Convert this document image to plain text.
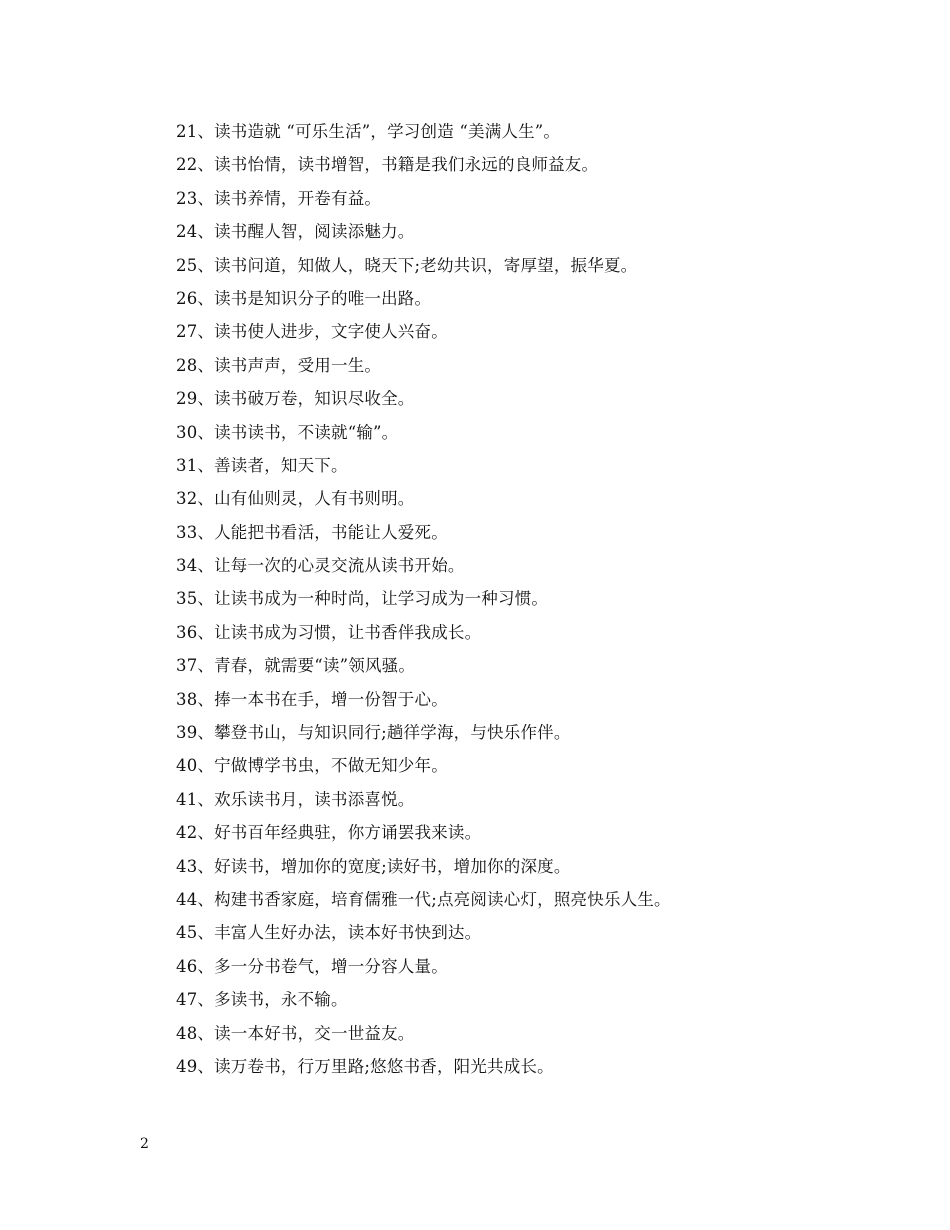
21、读书造就 “可乐生活”，学习创造 “美满人生”。
22、读书怡情，读书增智，书籍是我们永远的良师益友。
23、读书养情，开卷有益。
24、读书醒人智，阅读添魅力。
25、读书问道，知做人，晓天下;老幼共识，寄厚望，振华夏。
26、读书是知识分子的唯一出路。
27、读书使人进步，文字使人兴奋。
28、读书声声，受用一生。
29、读书破万卷，知识尽收全。
30、读书读书，不读就“输”。
31、善读者，知天下。
32、山有仙则灵，人有书则明。
33、人能把书看活，书能让人爱死。
34、让每一次的心灵交流从读书开始。
35、让读书成为一种时尚，让学习成为一种习惯。
36、让读书成为习惯，让书香伴我成长。
37、青春，就需要“读”领风骚。
38、捧一本书在手，增一份智于心。
39、攀登书山，与知识同行;趟徉学海，与快乐作伴。
40、宁做博学书虫，不做无知少年。
41、欢乐读书月，读书添喜悦。
42、好书百年经典驻，你方诵罢我来读。
43、好读书，增加你的宽度;读好书，增加你的深度。
44、构建书香家庭，培育儒雅一代;点亮阅读心灯，照亮快乐人生。
45、丰富人生好办法，读本好书快到达。
46、多一分书卷气，增一分容人量。
47、多读书，永不输。
48、读一本好书，交一世益友。
49、读万卷书，行万里路;悠悠书香，阳光共成长。
2
